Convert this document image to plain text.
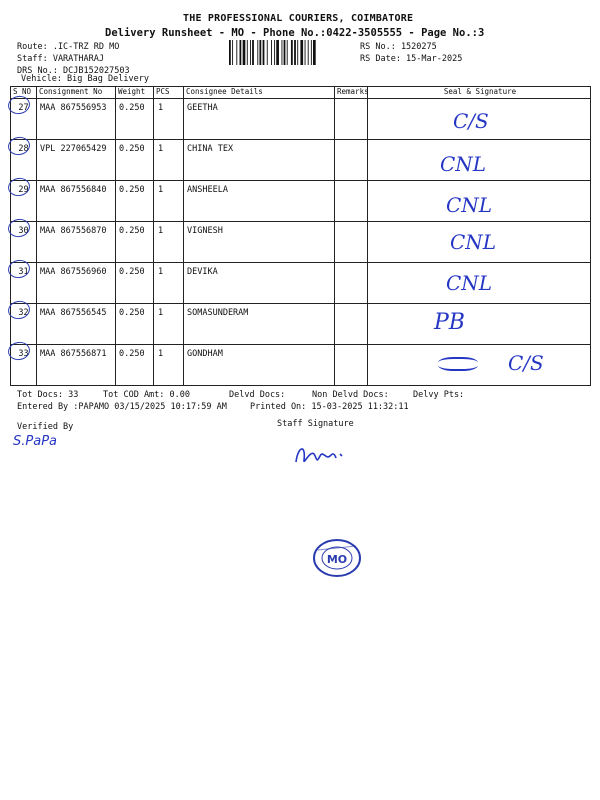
THE PROFESSIONAL COURIERS, COIMBATORE
Delivery Runsheet - MO - Phone No.:0422-3505555 - Page No.:3
Route: .IC-TRZ RD MO
Staff: VARATHARAJ
DRS No.: DCJB152027503
Vehicle: Big Bag Delivery
RS No.: 1520275
RS Date: 15-Mar-2025
S NO	Consignment No	Weight	PCS	Consignee Details	Remarks	Seal & Signature

27	MAA 867556953	0.250	1	GEETHA		C/S

28	VPL 227065429	0.250	1	CHINA TEX		CNL

29	MAA 867556840	0.250	1	ANSHEELA		CNL

30	MAA 867556870	0.250	1	VIGNESH		CNL

31	MAA 867556960	0.250	1	DEVIKA		CNL

32	MAA 867556545	0.250	1	SOMASUNDERAM		PB

33	MAA 867556871	0.250	1	GONDHAM		C/S
Tot Docs: 33	Tot COD Amt: 0.00	Delvd Docs:	Non Delvd Docs:	Delvy Pts:
Entered By :PAPAMO 03/15/2025 10:17:59 AM	Printed On: 15-03-2025 11:32:11
Verified By	Staff Signature
S.PaPa
MO
